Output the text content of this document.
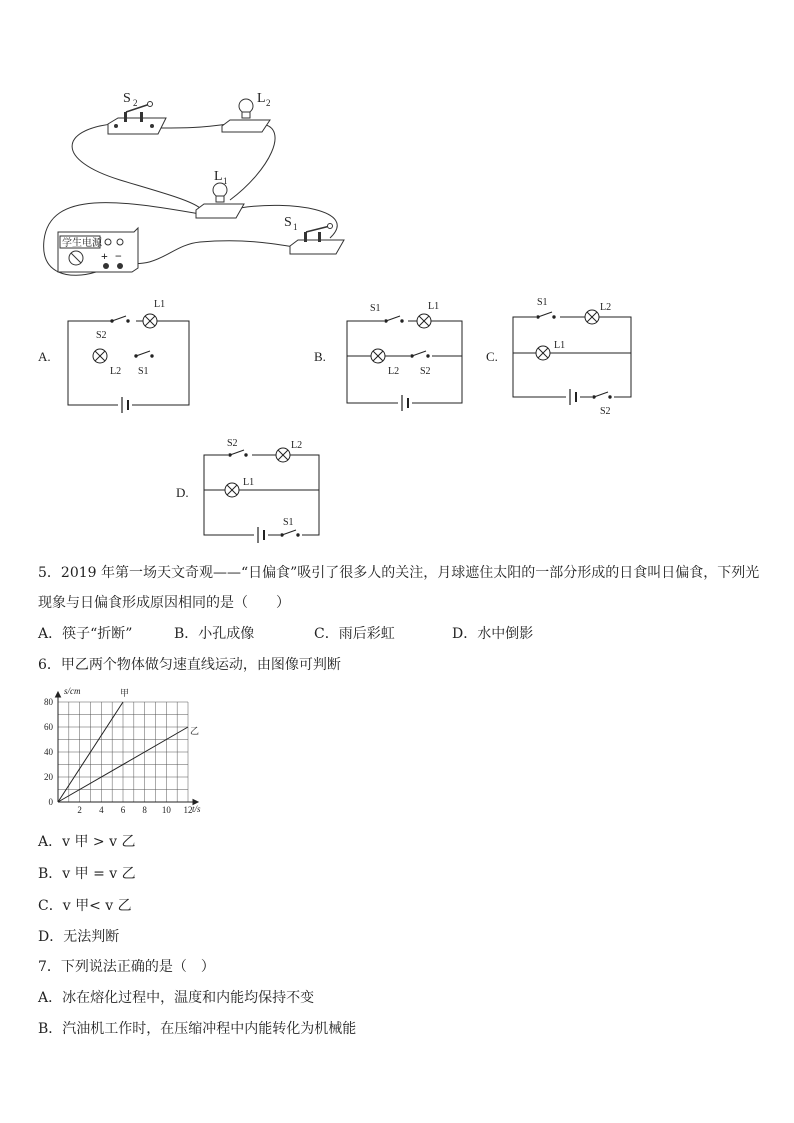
学生电源
+ −
S 2	L 2
L 1
S 1
A.	B.	C.
D.
S2
L1
L2 S1
S1	L1
L2 S2
S1	L2
L1
S2
S2	L2
L1
S1
5．2019 年第一场天文奇观——“日偏食”吸引了很多人的关注，月球遮住太阳的一部分形成的日食叫日偏食，下列光
现象与日偏食形成原因相同的是（　　）
A．筷子“折断”	B．小孔成像	C．雨后彩虹	D．水中倒影
6．甲乙两个物体做匀速直线运动，由图像可判断
2 4 6 8 10 12
0
20
40
60
80
s/cm
t/s
甲
乙
A．v 甲 > v 乙
B．v 甲 = v 乙
C．v 甲< v 乙
D．无法判断
7．下列说法正确的是（　）
A．冰在熔化过程中，温度和内能均保持不变
B．汽油机工作时，在压缩冲程中内能转化为机械能
